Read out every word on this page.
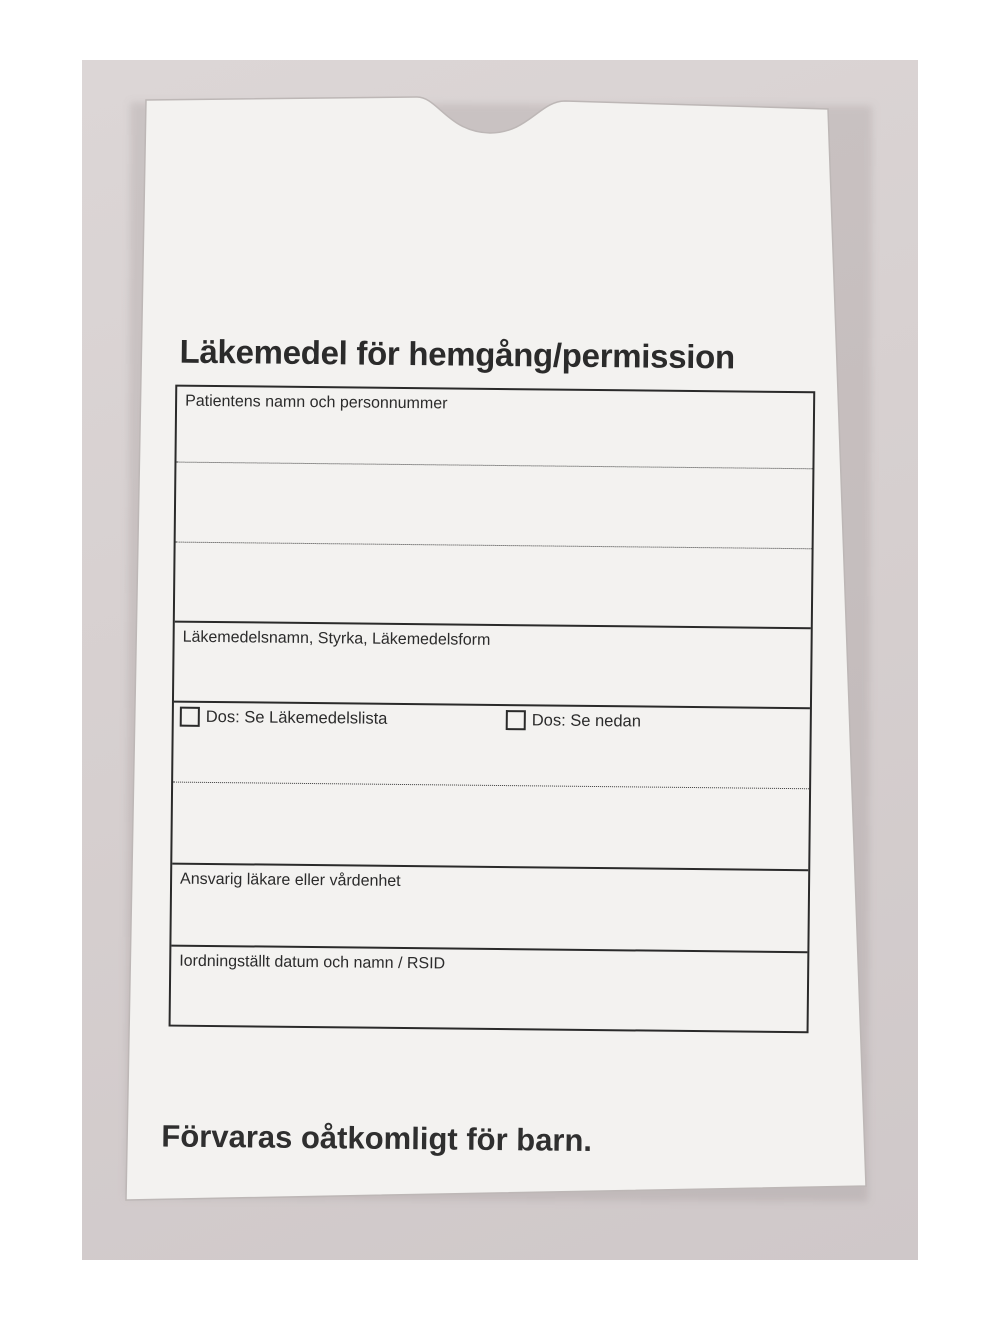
Läkemedel för hemgång/permission
Patientens namn och personnummer
Läkemedelsnamn, Styrka, Läkemedelsform
Dos: Se Läkemedelslista	Dos: Se nedan
Ansvarig läkare eller vårdenhet
Iordningställt datum och namn / RSID
Förvaras oåtkomligt för barn.
